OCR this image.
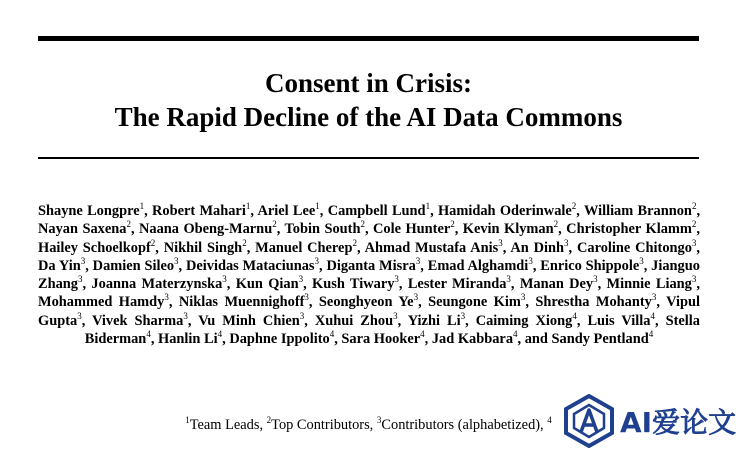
Consent in Crisis:
The Rapid Decline of the AI Data Commons

Shayne Longpre$^1$, Robert Mahari$^1$, Ariel Lee$^1$, Campbell Lund$^1$, Hamidah Oderinwale$^2$, William Brannon$^2$, Nayan Saxena$^2$, Naana Obeng-Marnu$^2$, Tobin South$^2$, Cole Hunter$^2$, Kevin Klyman$^2$, Christopher Klamm$^2$, Hailey Schoelkopf$^2$, Nikhil Singh$^2$, Manuel Cherep$^2$, Ahmad Mustafa Anis$^3$, An Dinh$^3$, Caroline Chitongo$^3$, Da Yin$^3$, Damien Sileo$^3$, Deividas Mataciunas$^3$, Diganta Misra$^3$, Emad Alghamdi$^3$, Enrico Shippole$^3$, Jianguo Zhang$^3$, Joanna Materzynska$^3$, Kun Qian$^3$, Kush Tiwary$^3$, Lester Miranda$^3$, Manan Dey$^3$, Minnie Liang$^3$, Mohammed Hamdy$^3$, Niklas Muennighoff$^3$, Seonghyeon Ye$^3$, Seungone Kim$^3$, Shrestha Mohanty$^3$, Vipul Gupta$^3$, Vivek Sharma$^3$, Vu Minh Chien$^3$, Xuhui Zhou$^3$, Yizhi Li$^3$, Caiming Xiong$^4$, Luis Villa$^4$, Stella Biderman$^4$, Hanlin Li$^4$, Daphne Ippolito$^4$, Sara Hooker$^4$, Jad Kabbara$^4$, and Sandy Pentland$^4$

$^1$Team Leads, $^2$Top Contributors, $^3$Contributors (alphabetized), $^4$	AI爱论文
